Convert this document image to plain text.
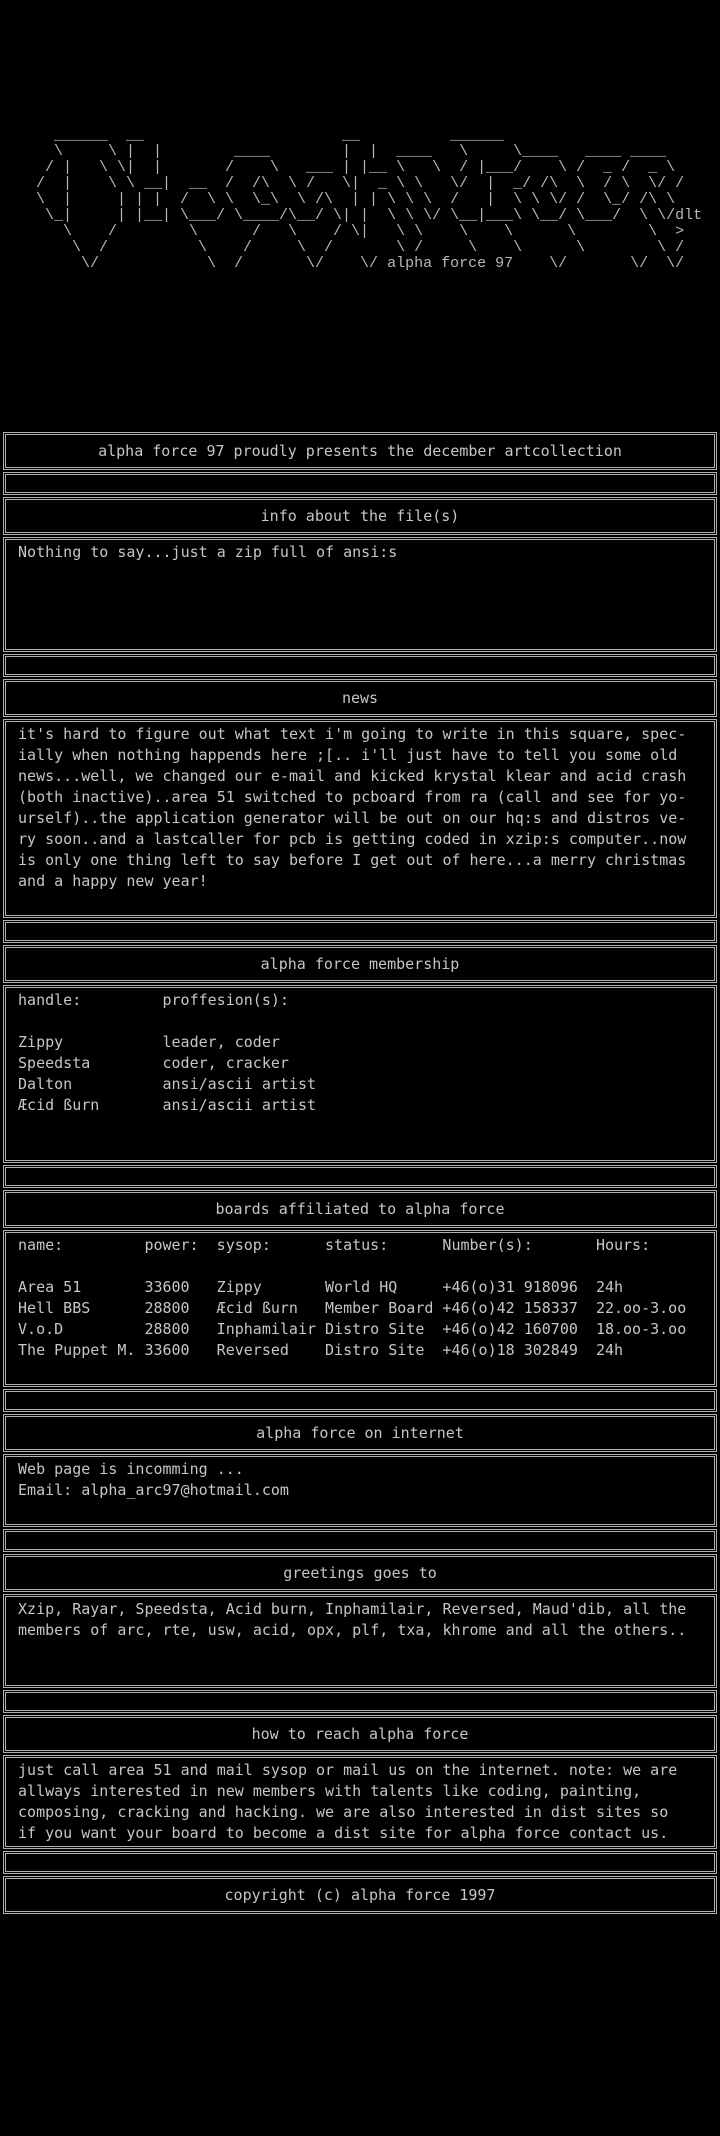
______  __                      __          ______
\     \ |  |        ____        |  |  ____   \     \____   ____ ____
/ |   \ \|  |       /    \   ___ | |__ \   \  / |___/    \ /  _ /  _ \
/  |    \ \ __|  __  /  /\  \ /   \|  _ \ \   \/  |  _/ /\  \  / \  \/ /
\  |     | | |  /  \ \  \_\  \ /\  | | \ \ \  /   |  \ \ \/ /  \_/ /\ \
\_|     | |__| \___/ \____/\__/ \| |  \ \ \/ \__|___\ \__/ \___/  \ \/dlt
\    /        \      /   \    / \|   \ \    \    \      \        \  >
\  /          \    /     \  /       \ /     \    \      \        \ /
\/            \  /       \/    \/ alpha force 97    \/       \/  \/
alpha force 97 proudly presents the december artcollection
info about the file(s)
Nothing to say...just a zip full of ansi:s
news
it's hard to figure out what text i'm going to write in this square, spec-
ially when nothing happends here ;[.. i'll just have to tell you some old
news...well, we changed our e-mail and kicked krystal klear and acid crash
(both inactive)..area 51 switched to pcboard from ra (call and see for yo-
urself)..the application generator will be out on our hq:s and distros ve-
ry soon..and a lastcaller for pcb is getting coded in xzip:s computer..now
is only one thing left to say before I get out of here...a merry christmas
and a happy new year!
alpha force membership
handle:	proffesion(s):
Zippy	leader, coder
Speedsta	coder, cracker
Dalton	ansi/ascii artist
Æcid ßurn	ansi/ascii artist
boards affiliated to alpha force
name:	power:	sysop:	status:	Number(s):	Hours:
Area 51	33600	Zippy	World HQ	+46(o)31 918096	24h
Hell BBS	28800	Æcid ßurn	Member Board +46(o)42 158337	22.oo-3.oo
V.o.D	28800	Inphamilair Distro Site	+46(o)42 160700	18.oo-3.oo
The Puppet M. 33600	Reversed	Distro Site	+46(o)18 302849	24h
alpha force on internet
Web page is incomming ...
Email: alpha_arc97@hotmail.com
greetings goes to
Xzip, Rayar, Speedsta, Acid burn, Inphamilair, Reversed, Maud'dib, all the
members of arc, rte, usw, acid, opx, plf, txa, khrome and all the others..
how to reach alpha force
just call area 51 and mail sysop or mail us on the internet. note: we are
allways interested in new members with talents like coding, painting,
composing, cracking and hacking. we are also interested in dist sites so
if you want your board to become a dist site for alpha force contact us.
copyright (c) alpha force 1997
